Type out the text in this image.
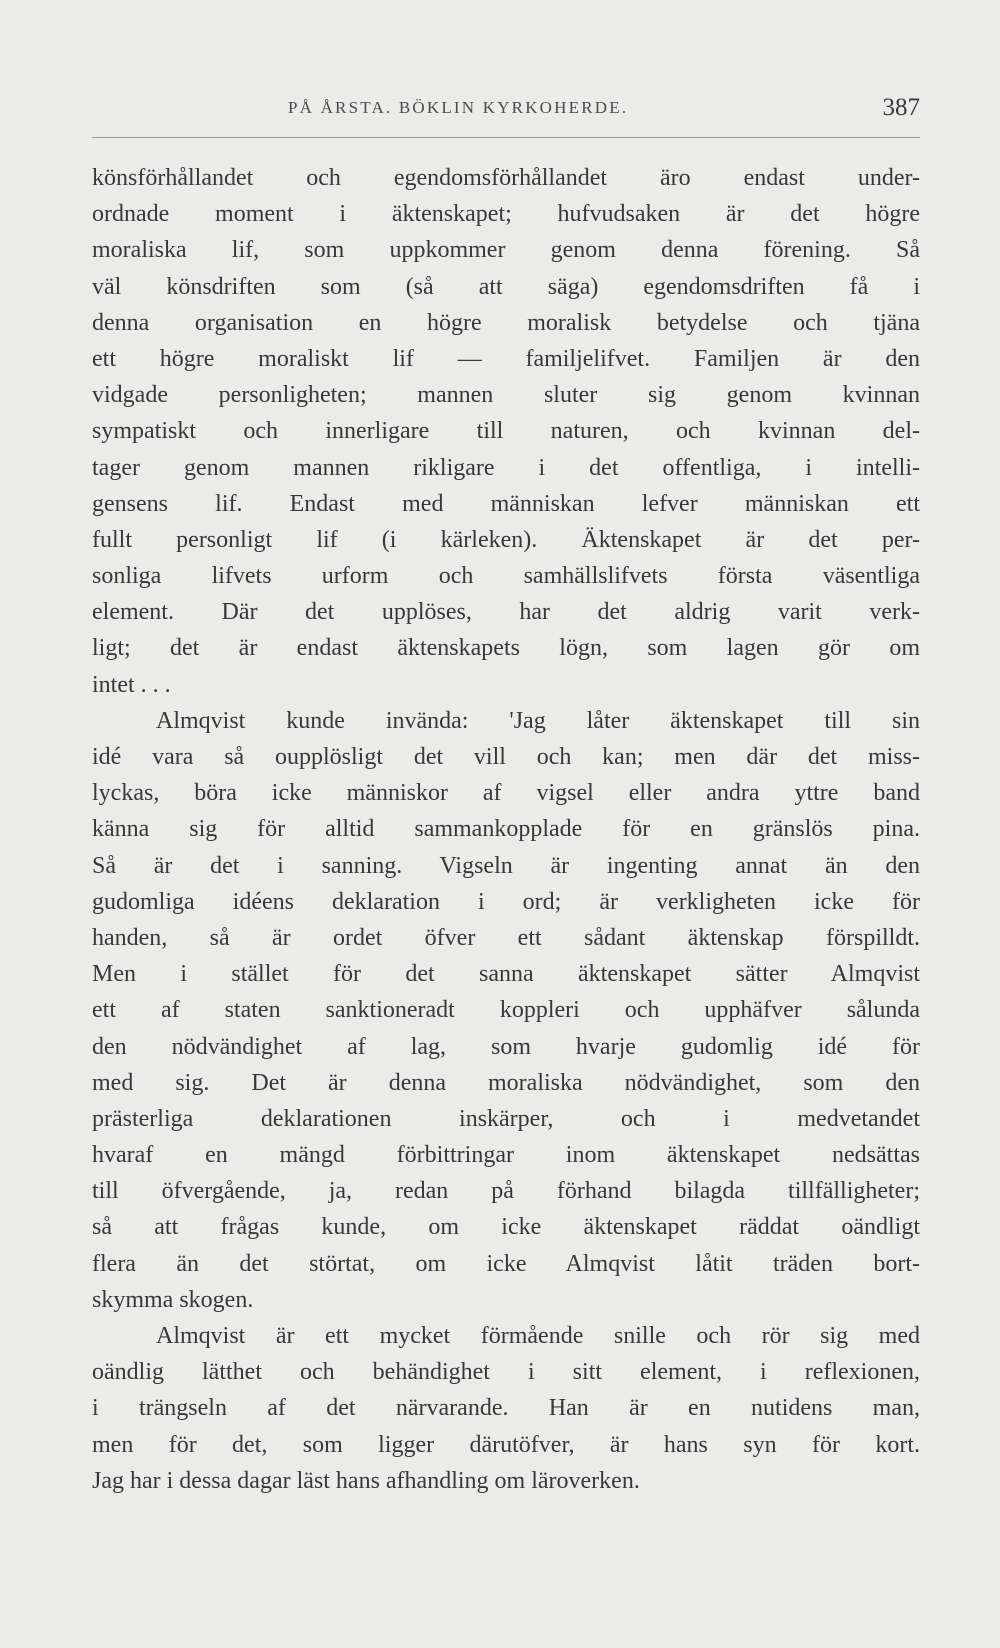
PÅ ÅRSTA. BÖKLIN KYRKOHERDE.	387
könsförhållandet och egendomsförhållandet äro endast under-
ordnade moment i äktenskapet; hufvudsaken är det högre
moraliska lif, som uppkommer genom denna förening. Så
väl könsdriften som (så att säga) egendomsdriften få i
denna organisation en högre moralisk betydelse och tjäna
ett högre moraliskt lif — familjelifvet. Familjen är den
vidgade personligheten; mannen sluter sig genom kvinnan
sympatiskt och innerligare till naturen, och kvinnan del-
tager genom mannen rikligare i det offentliga, i intelli-
gensens lif. Endast med människan lefver människan ett
fullt personligt lif (i kärleken). Äktenskapet är det per-
sonliga lifvets urform och samhällslifvets första väsentliga
element. Där det upplöses, har det aldrig varit verk-
ligt; det är endast äktenskapets lögn, som lagen gör om
intet . . .
Almqvist kunde invända: 'Jag låter äktenskapet till sin
idé vara så oupplösligt det vill och kan; men där det miss-
lyckas, böra icke människor af vigsel eller andra yttre band
känna sig för alltid sammankopplade för en gränslös pina.
Så är det i sanning. Vigseln är ingenting annat än den
gudomliga idéens deklaration i ord; är verkligheten icke för
handen, så är ordet öfver ett sådant äktenskap förspilldt.
Men i stället för det sanna äktenskapet sätter Almqvist
ett af staten sanktioneradt koppleri och upphäfver sålunda
den nödvändighet af lag, som hvarje gudomlig idé för
med sig. Det är denna moraliska nödvändighet, som den
prästerliga deklarationen inskärper, och i medvetandet
hvaraf en mängd förbittringar inom äktenskapet nedsättas
till öfvergående, ja, redan på förhand bilagda tillfälligheter;
så att frågas kunde, om icke äktenskapet räddat oändligt
flera än det störtat, om icke Almqvist låtit träden bort-
skymma skogen.
Almqvist är ett mycket förmående snille och rör sig med
oändlig lätthet och behändighet i sitt element, i reflexionen,
i trängseln af det närvarande. Han är en nutidens man,
men för det, som ligger därutöfver, är hans syn för kort.
Jag har i dessa dagar läst hans afhandling om läroverken.
